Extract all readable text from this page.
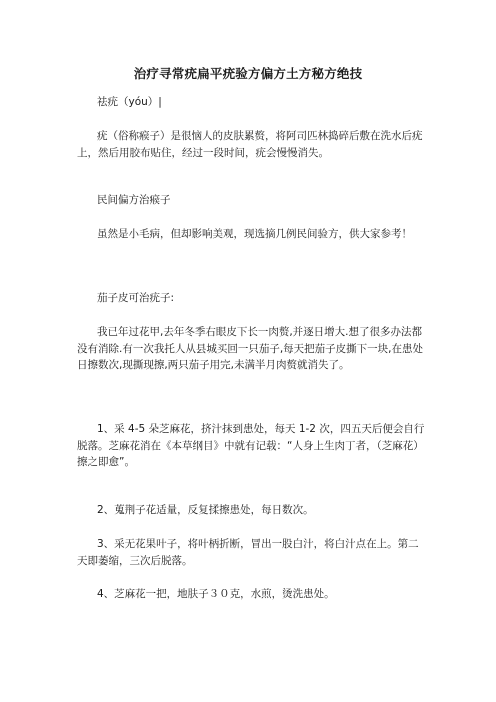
治疗寻常疣扁平疣验方偏方土方秘方绝技

祛疣（yóu）|

疣（俗称瘊子）是很恼人的皮肤累赘，将阿司匹林捣碎后敷在洗水后疣上，然后用胶布贴住，经过一段时间，疣会慢慢消失。

民间偏方治瘊子

虽然是小毛病，但却影响美观，现选摘几例民间验方，供大家参考！

茄子皮可治疣子:

我已年过花甲,去年冬季右眼皮下长一肉赘,并逐日增大.想了很多办法都没有消除.有一次我托人从县城买回一只茄子,每天把茄子皮撕下一块,在患处日擦数次,现撕现擦,两只茄子用完,未满半月肉赘就消失了。

1、采 4-5 朵芝麻花，挤汁抹到患处，每天 1-2 次，四五天后便会自行脱落。芝麻花消在《本草纲目》中就有记载：“人身上生肉丁者，（芝麻花）擦之即愈”。

2、蒐荆子花适量，反复揉擦患处，每日数次。

3、采无花果叶子，将叶柄折断，冒出一股白汁，将白汁点在上。第二天即萎缩，三次后脱落。

4、芝麻花一把，地肤子３０克，水煎，烫洗患处。
